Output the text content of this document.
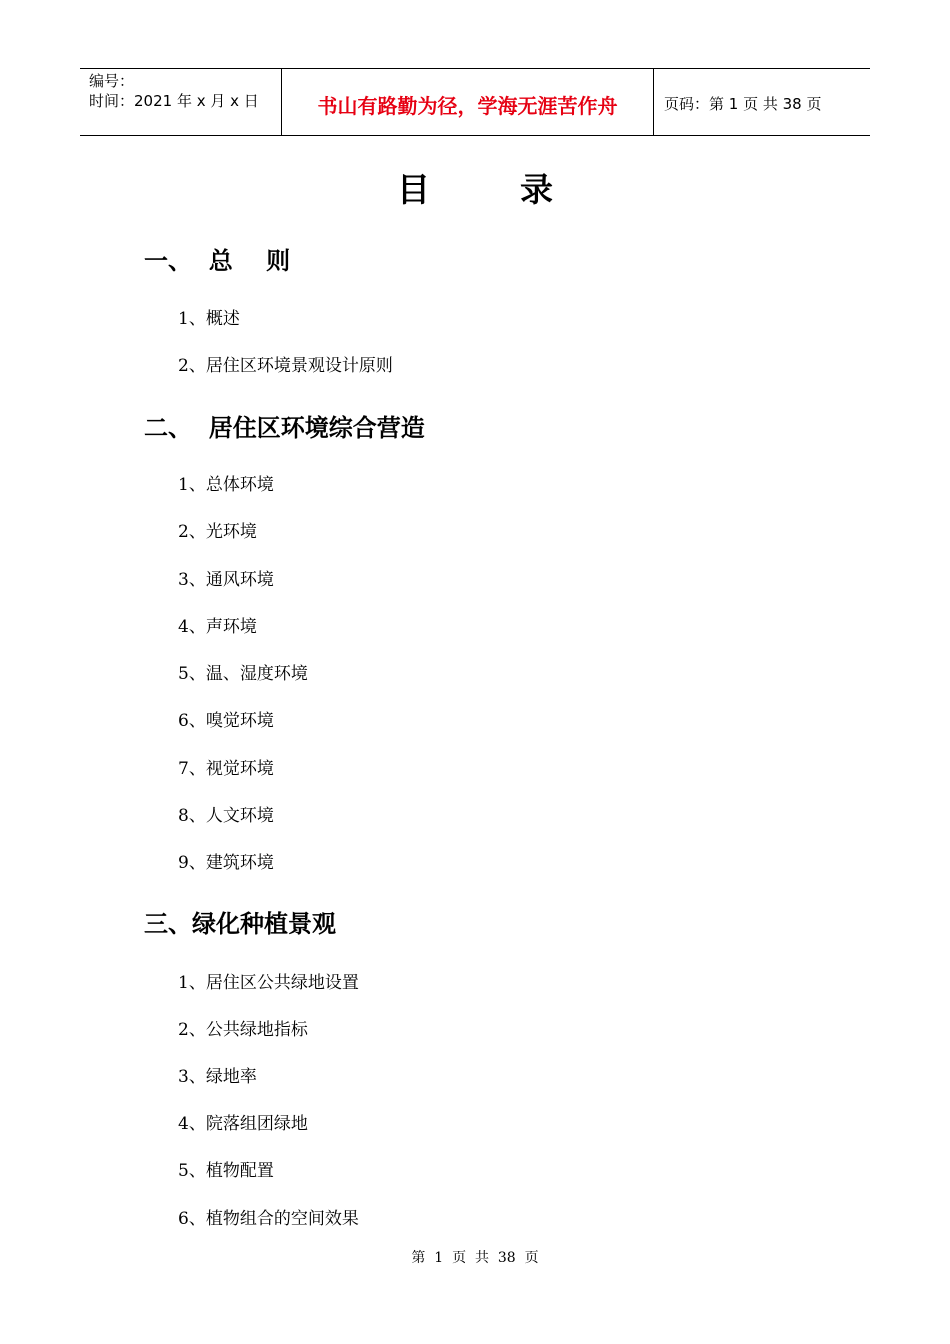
编号：
时间：2021 年 x 月 x 日	书山有路勤为径，学海无涯苦作舟	页码：第 1 页 共 38 页
目录
一、  总    则
1、概述
2、居住区环境景观设计原则
二、  居住区环境综合营造
1、总体环境
2、光环境
3、通风环境
4、声环境
5、温、湿度环境
6、嗅觉环境
7、视觉环境
8、人文环境
9、建筑环境
三、绿化种植景观
1、居住区公共绿地设置
2、公共绿地指标
3、绿地率
4、院落组团绿地
5、植物配置
6、植物组合的空间效果
第  1  页  共  38  页
